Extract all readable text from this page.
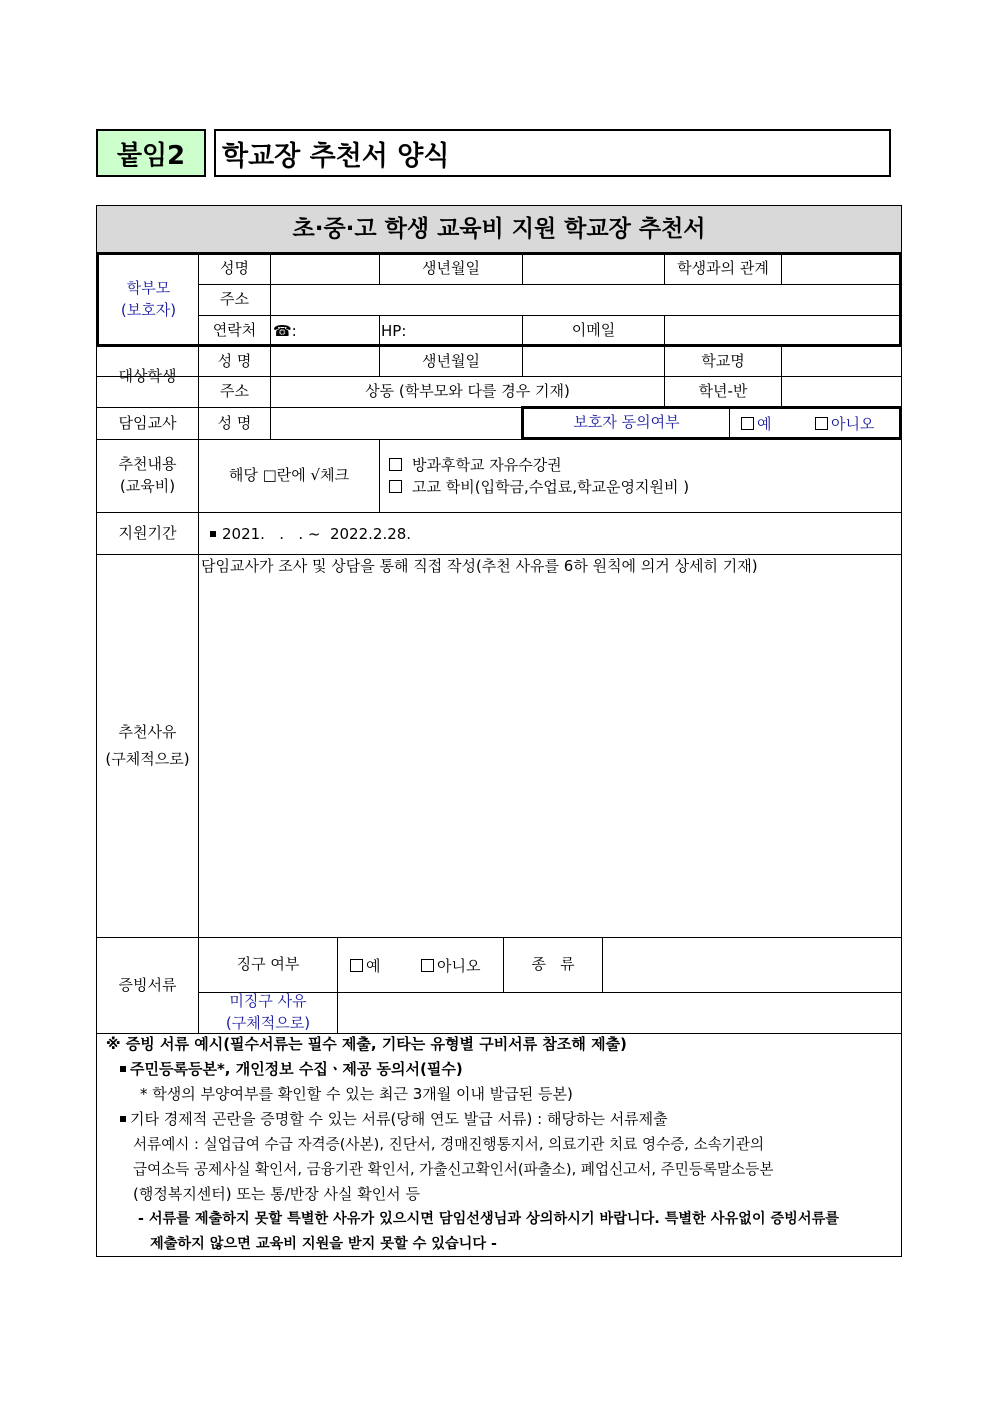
붙임2	학교장 추천서 양식
초·중·고 학생 교육비 지원 학교장 추천서
학부모
(보호자)
성명	생년월일	학생과의 관계
주소
연락처	☎:	HP:	이메일
대상학생
성 명	생년월일	학교명
주소	상동 (학부모와 다를 경우 기재)	학년-반
담임교사	성 명	보호자 동의여부	예	아니오
추천내용
(교육비)
해당 □란에 √체크
방과후학교 자유수강권
고교 학비(입학금,수업료,학교운영지원비 )
지원기간	2021.   .   . ~  2022.2.28.
추천사유
(구체적으로)
담임교사가 조사 및 상담을 통해 직접 작성(추천 사유를 6하 원칙에 의거 상세히 기재)
증빙서류
징구 여부	예	아니오	종   류
미징구 사유
(구체적으로)
※ 증빙 서류 예시(필수서류는 필수 제출, 기타는 유형별 구비서류 참조해 제출)
주민등록등본*, 개인정보 수집ㆍ제공 동의서(필수)
* 학생의 부양여부를 확인할 수 있는 최근 3개월 이내 발급된 등본)
기타 경제적 곤란을 증명할 수 있는 서류(당해 연도 발급 서류) : 해당하는 서류제출
서류예시 : 실업급여 수급 자격증(사본), 진단서, 경매진행통지서, 의료기관 치료 영수증, 소속기관의
급여소득 공제사실 확인서, 금융기관 확인서, 가출신고확인서(파출소), 폐업신고서, 주민등록말소등본
(행정복지센터) 또는 통/반장 사실 확인서 등
- 서류를 제출하지 못할 특별한 사유가 있으시면 담임선생님과 상의하시기 바랍니다. 특별한 사유없이 증빙서류를
제출하지 않으면 교육비 지원을 받지 못할 수 있습니다 -
